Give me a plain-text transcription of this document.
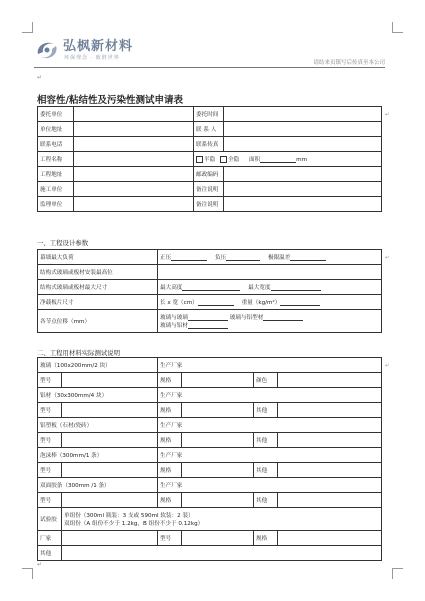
弘枫新材料
环保理念 · 致胜世界
请结来页镇写后传真至本公司
↵
相容性/粘结性及污染性测试申请表
委托单位		委托时间	
单位地址		联 系 人	
联系电话		联系传真	
工程名称		半隐 全隐 面积 mm	
工程地址		邮政编码	
施工单位		备注说明	
监理单位		备注说明	
一、工程设计参数
幕墙最大负荷	正压 负压 极限温差
结构式玻璃或板材安装最高位	
结构式玻璃或板材最大尺寸	最大高度 最大宽度
净载板片尺寸	长 x 宽（cm） 重量（kg/m²）
各节点位移（mm）	玻璃与玻璃 玻璃与铝型材
玻璃与铝材
二、工程用材料实际测试说明
玻璃（100x200mm/2 块）		生产厂家			
型号		规格		颜色	
铝材（30x300mm/4 块）		生产厂家			
型号		规格		其他	
铝塑板（石材/瓷砖）		生产厂家			
型号		规格		其他	
泡沫棒（300mm/1 条）		生产厂家			
型号		规格		其他	
双面胶条（300mm /1 条）		生产厂家			
型号		规格		其他	
试验胶	单组份（300ml 瓶装：3 支或 590ml 软装：2 装）
双组份（A 组份不少于 1.2kg，B 组份不少于 0.12kg）				

厂家		型号		规格	
其他					
↵
↵
↵
↵
